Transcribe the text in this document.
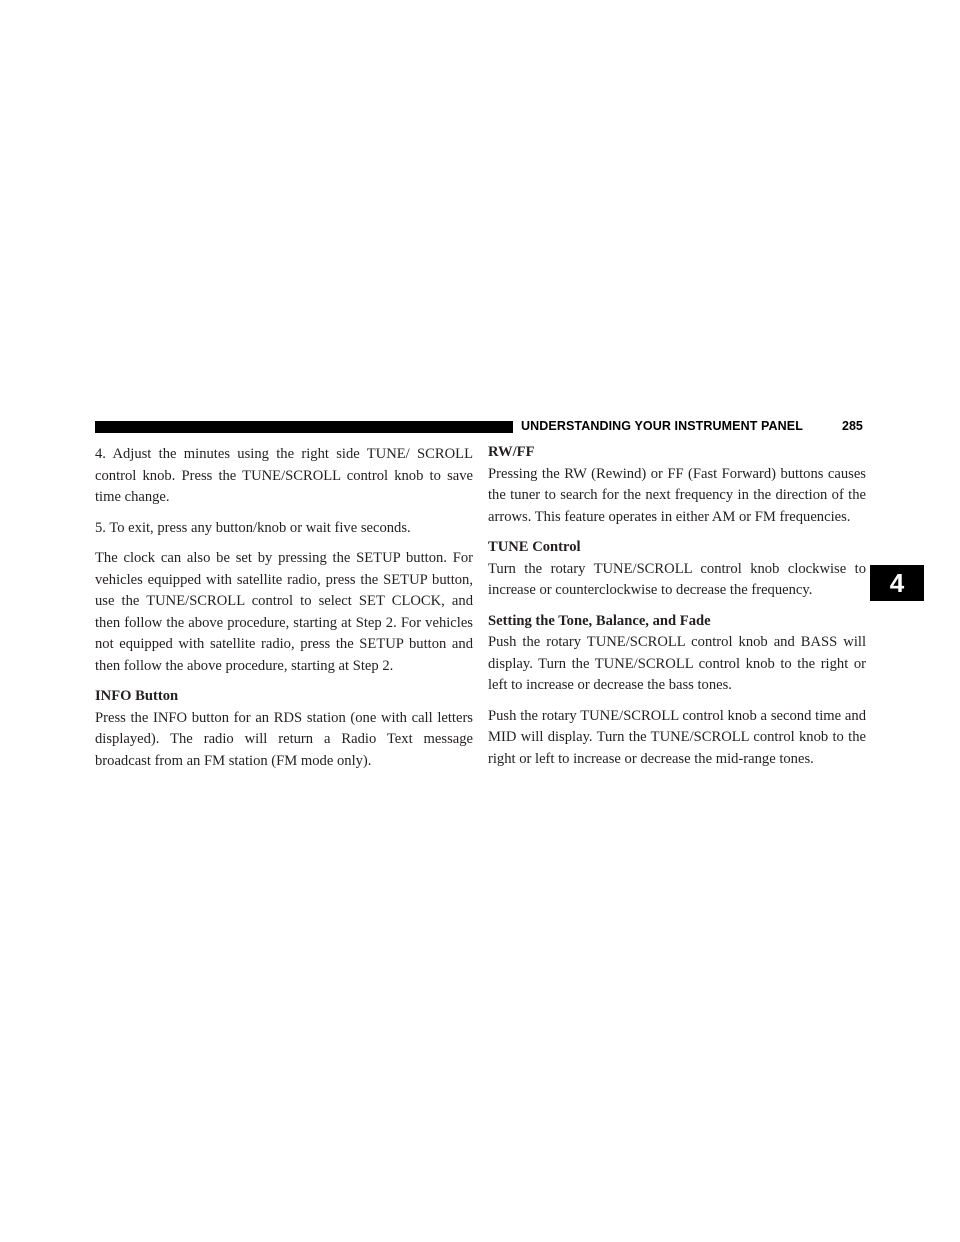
UNDERSTANDING YOUR INSTRUMENT PANEL	285
4

4. Adjust the minutes using the right side TUNE/ SCROLL control knob. Press the TUNE/SCROLL control knob to save time change.

5. To exit, press any button/knob or wait five seconds.

The clock can also be set by pressing the SETUP button. For vehicles equipped with satellite radio, press the SETUP button, use the TUNE/SCROLL control to select SET CLOCK, and then follow the above procedure, starting at Step 2. For vehicles not equipped with satellite radio, press the SETUP button and then follow the above procedure, starting at Step 2.

INFO Button

Press the INFO button for an RDS station (one with call letters displayed). The radio will return a Radio Text message broadcast from an FM station (FM mode only).

RW/FF

Pressing the RW (Rewind) or FF (Fast Forward) buttons causes the tuner to search for the next frequency in the direction of the arrows. This feature operates in either AM or FM frequencies.

TUNE Control

Turn the rotary TUNE/SCROLL control knob clockwise to increase or counterclockwise to decrease the frequency.

Setting the Tone, Balance, and Fade

Push the rotary TUNE/SCROLL control knob and BASS will display. Turn the TUNE/SCROLL control knob to the right or left to increase or decrease the bass tones.

Push the rotary TUNE/SCROLL control knob a second time and MID will display. Turn the TUNE/SCROLL control knob to the right or left to increase or decrease the mid-range tones.
